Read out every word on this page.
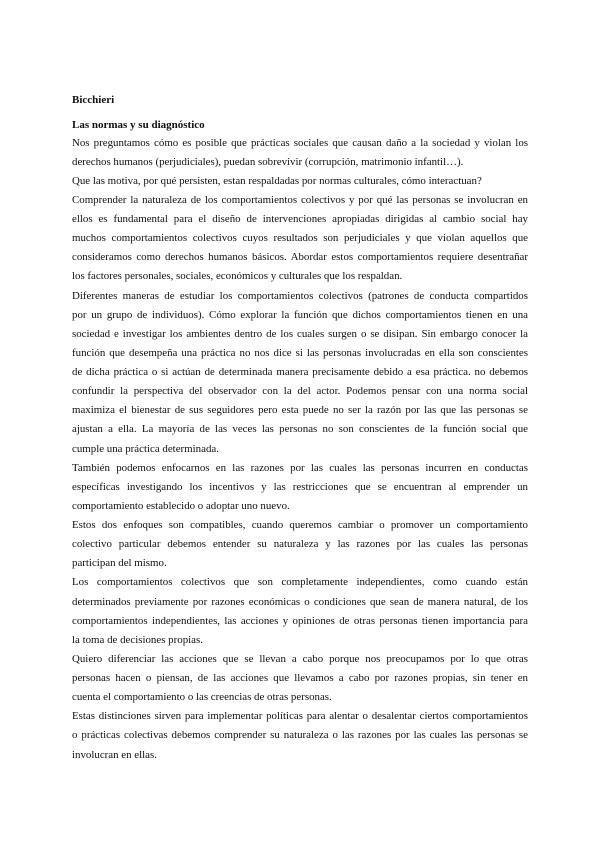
Bicchieri
Las normas y su diagnóstico
Nos preguntamos cómo es posible que prácticas sociales que causan daño a la sociedad y violan los
derechos humanos (perjudiciales), puedan sobrevivir (corrupción, matrimonio infantil…).
Que las motiva, por qué persisten, estan respaldadas por normas culturales, cómo interactuan?
Comprender la naturaleza de los comportamientos colectivos y por qué las personas se involucran en
ellos es fundamental para el diseño de intervenciones apropiadas dirigidas al cambio social hay
muchos comportamientos colectivos cuyos resultados son perjudiciales y que violan aquellos que
consideramos como derechos humanos básicos. Abordar estos comportamientos requiere desentrañar
los factores personales, sociales, económicos y culturales que los respaldan.
Diferentes maneras de estudiar los comportamientos colectivos (patrones de conducta compartidos
por un grupo de individuos). Cómo explorar la función que dichos comportamientos tienen en una
sociedad e investigar los ambientes dentro de los cuales surgen o se disipan. Sin embargo conocer la
función que desempeña una práctica no nos dice si las personas involucradas en ella son conscientes
de dicha práctica o si actúan de determinada manera precisamente debido a esa práctica. no debemos
confundir la perspectiva del observador con la del actor. Podemos pensar con una norma social
maximiza el bienestar de sus seguidores pero esta puede no ser la razón por las que las personas se
ajustan a ella. La mayoría de las veces las personas no son conscientes de la función social que
cumple una práctica determinada.
También podemos enfocarnos en las razones por las cuales las personas incurren en conductas
específicas investigando los incentivos y las restricciones que se encuentran al emprender un
comportamiento establecido o adoptar uno nuevo.
Estos dos enfoques son compatibles, cuando queremos cambiar o promover un comportamiento
colectivo particular debemos entender su naturaleza y las razones por las cuales las personas
participan del mismo.
Los comportamientos colectivos que son completamente independientes, como cuando están
determinados previamente por razones económicas o condiciones que sean de manera natural, de los
comportamientos independientes, las acciones y opiniones de otras personas tienen importancia para
la toma de decisiones propias.
Quiero diferenciar las acciones que se llevan a cabo porque nos preocupamos por lo que otras
personas hacen o piensan, de las acciones que llevamos a cabo por razones propias, sin tener en
cuenta el comportamiento o las creencias de otras personas.
Estas distinciones sirven para implementar políticas para alentar o desalentar ciertos comportamientos
o prácticas colectivas debemos comprender su naturaleza o las razones por las cuales las personas se
involucran en ellas.
